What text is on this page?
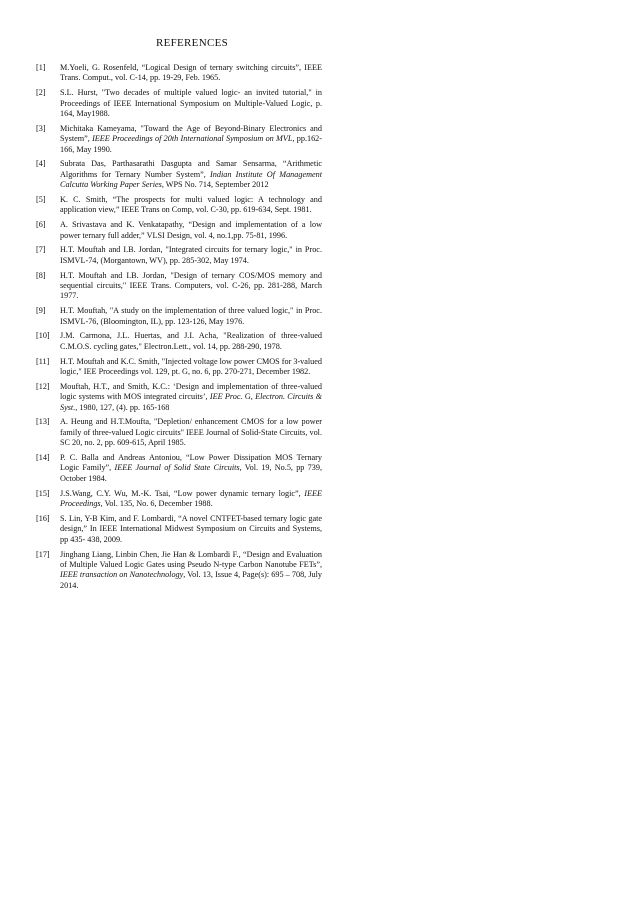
REFERENCES
[1]	M.Yoeli, G. Rosenfeld, “Logical Design of ternary switching circuits”, IEEE Trans. Comput., vol. C-14, pp. 19-29, Feb. 1965.
[2]	S.L. Hurst, "Two decades of multiple valued logic- an invited tutorial," in Proceedings of IEEE International Symposium on Multiple-Valued Logic, p. 164, May1988.
[3]	Michitaka Kameyama, "Toward the Age of Beyond-Binary Electronics and System”, IEEE Proceedings of 20th International Symposium on MVL, pp.162-166, May 1990.
[4]	Subrata Das, Parthasarathi Dasgupta and Samar Sensarma, “Arithmetic Algorithms for Ternary Number System”, Indian Institute Of Management Calcutta Working Paper Series, WPS No. 714, September 2012
[5]	K. C. Smith, “The prospects for multi valued logic: A technology and application view,” IEEE Trans on Comp, vol. C-30, pp. 619-634, Sept. 1981.
[6]	A. Srivastava and K. Venkatapathy, “Design and implementation of a low power ternary full adder,” VLSI Design, vol. 4, no.1,pp. 75-81, 1996.
[7]	H.T. Mouftah and I.B. Jordan, "Integrated circuits for ternary logic," in Proc. ISMVL-74, (Morgantown, WV), pp. 285-302, May 1974.
[8]	H.T. Mouftah and I.B. Jordan, "Design of ternary COS/MOS memory and sequential circuits," IEEE Trans. Computers, vol. C-26, pp. 281-288, March 1977.
[9]	H.T. Mouftah, "A study on the implementation of three valued logic," in Proc. ISMVL-76, (Bloomington, IL), pp. 123-126, May 1976.
[10]	J.M. Carmona, J.L. Huertas, and J.I. Acha, "Realization of three-valued C.M.O.S. cycling gates," Electron.Lett., vol. 14, pp. 288-290, 1978.
[11]	H.T. Mouftah and K.C. Smith, "Injected voltage low power CMOS for 3-valued logic," IEE Proceedings vol. 129, pt. G, no. 6, pp. 270-271, December 1982.
[12]	Mouftah, H.T., and Smith, K.C.: ‘Design and implementation of three-valued logic systems with MOS integrated circuits’, IEE Proc. G, Electron. Circuits & Syst., 1980, 127, (4). pp. 165-168
[13]	A. Heung and H.T.Moufta, "Depletion/ enhancement CMOS for a low power family of three-valued Logic circuits" IEEE Journal of Solid-State Circuits, vol. SC 20, no. 2, pp. 609-615, April 1985.
[14]	P. C. Balla and Andreas Antoniou, “Low Power Dissipation MOS Ternary Logic Family”, IEEE Journal of Solid State Circuits, Vol. 19, No.5, pp 739, October 1984.
[15]	J.S.Wang, C.Y. Wu, M.-K. Tsai, “Low power dynamic ternary logic”, IEEE Proceedings, Vol. 135, No. 6, December 1988.
[16]	S. Lin, Y-B Kim, and F. Lombardi, “A novel CNTFET-based ternary logic gate design,” In IEEE International Midwest Symposium on Circuits and Systems, pp 435- 438, 2009.
[17]	Jinghang Liang, Linbin Chen, Jie Han & Lombardi F., “Design and Evaluation of Multiple Valued Logic Gates using Pseudo N-type Carbon Nanotube FETs”, IEEE transaction on Nanotechnology, Vol. 13, Issue 4, Page(s): 695 – 708, July 2014.
